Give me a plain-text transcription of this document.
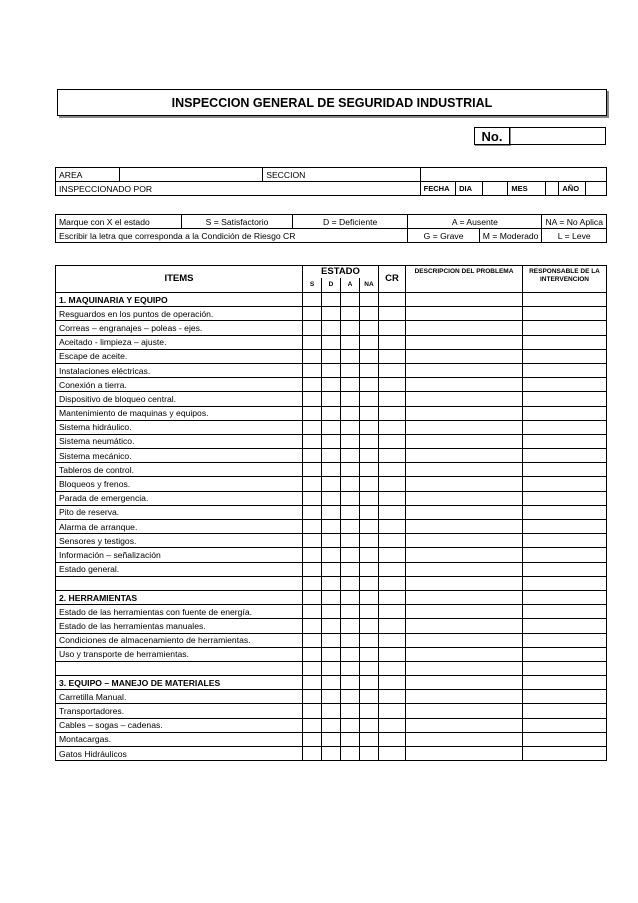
INSPECCION GENERAL DE SEGURIDAD INDUSTRIAL
No.
AREA		SECCION							
INSPECCIONADO POR			FECHA	DIA		MES		AÑO	
Marque con X el estado	S = Satisfactorio	D = Deficiente	A = Ausente		NA = No Aplica
Escribir la letra que corresponda a la Condición de Riesgo CR			G = Grave	M = Moderado	L = Leve
ITEMS	ESTADO				CR	DESCRIPCION DEL PROBLEMA	RESPONSABLE DE LA INTERVENCION
	S	D	A	NA			
1. MAQUINARIA Y EQUIPO							
Resguardos en los puntos de operación.							
Correas – engranajes – poleas - ejes.							
Aceitado - limpieza – ajuste.							
Escape de aceite.							
Instalaciones eléctricas.							
Conexión a tierra.							
Dispositivo de bloqueo central.							
Mantenimiento de maquinas y equipos.							
Sistema hidráulico.							
Sistema neumático.							
Sistema mecánico.							
Tableros de control.							
Bloqueos y frenos.							
Parada de emergencia.							
Pito de reserva.							
Alarma de arranque.							
Sensores y testigos.							
Información – señalización							
Estado general.							

2. HERRAMIENTAS							
Estado de las herramientas con fuente de energía.							
Estado de las herramientas manuales.							
Condiciones de almacenamiento de herramientas.							
Uso y transporte de herramientas.							

3. EQUIPO – MANEJO DE MATERIALES							
Carretilla Manual.							
Transportadores.							
Cables – sogas – cadenas.							
Montacargas.							
Gatos Hidráulicos							
